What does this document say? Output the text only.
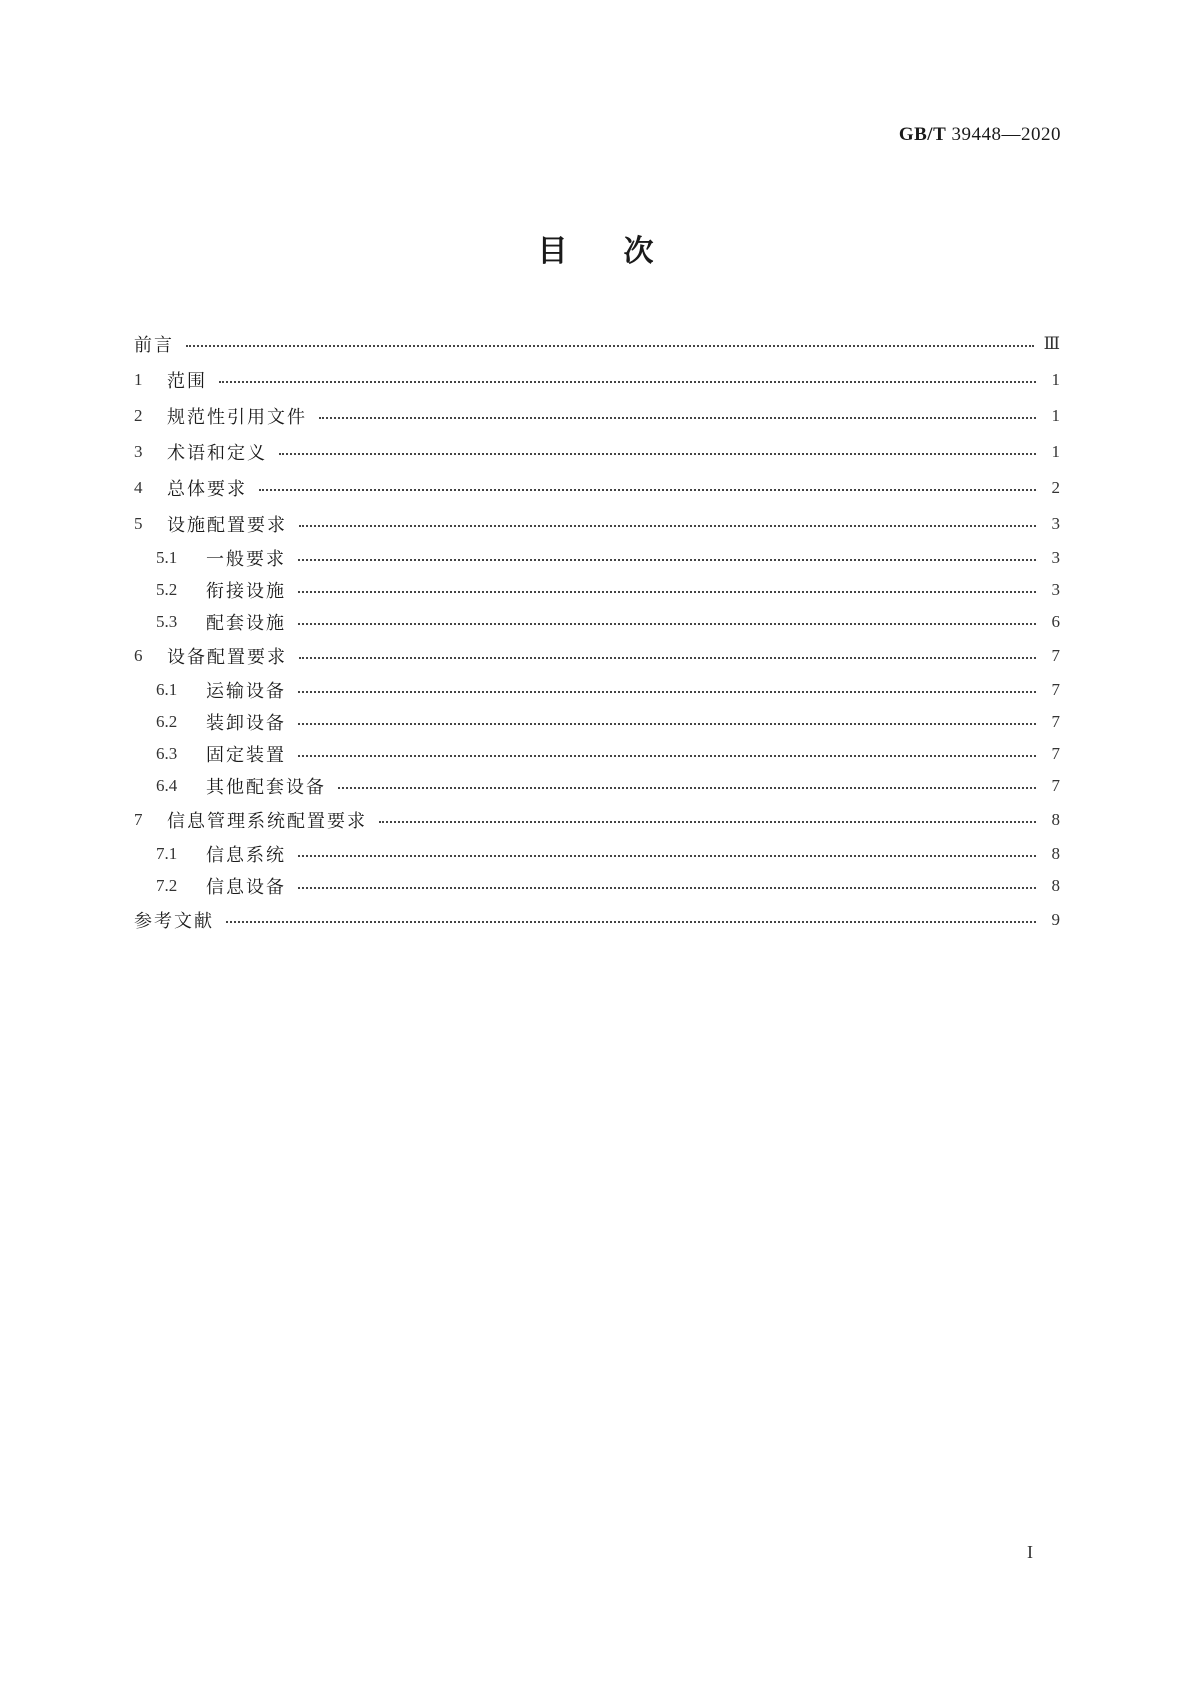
GB/T 39448—2020
目次
前言	Ⅲ
1	范围	1
2	规范性引用文件	1
3	术语和定义	1
4	总体要求	2
5	设施配置要求	3
5.1	一般要求	3
5.2	衔接设施	3
5.3	配套设施	6
6	设备配置要求	7
6.1	运输设备	7
6.2	装卸设备	7
6.3	固定装置	7
6.4	其他配套设备	7
7	信息管理系统配置要求	8
7.1	信息系统	8
7.2	信息设备	8
参考文献	9
I
